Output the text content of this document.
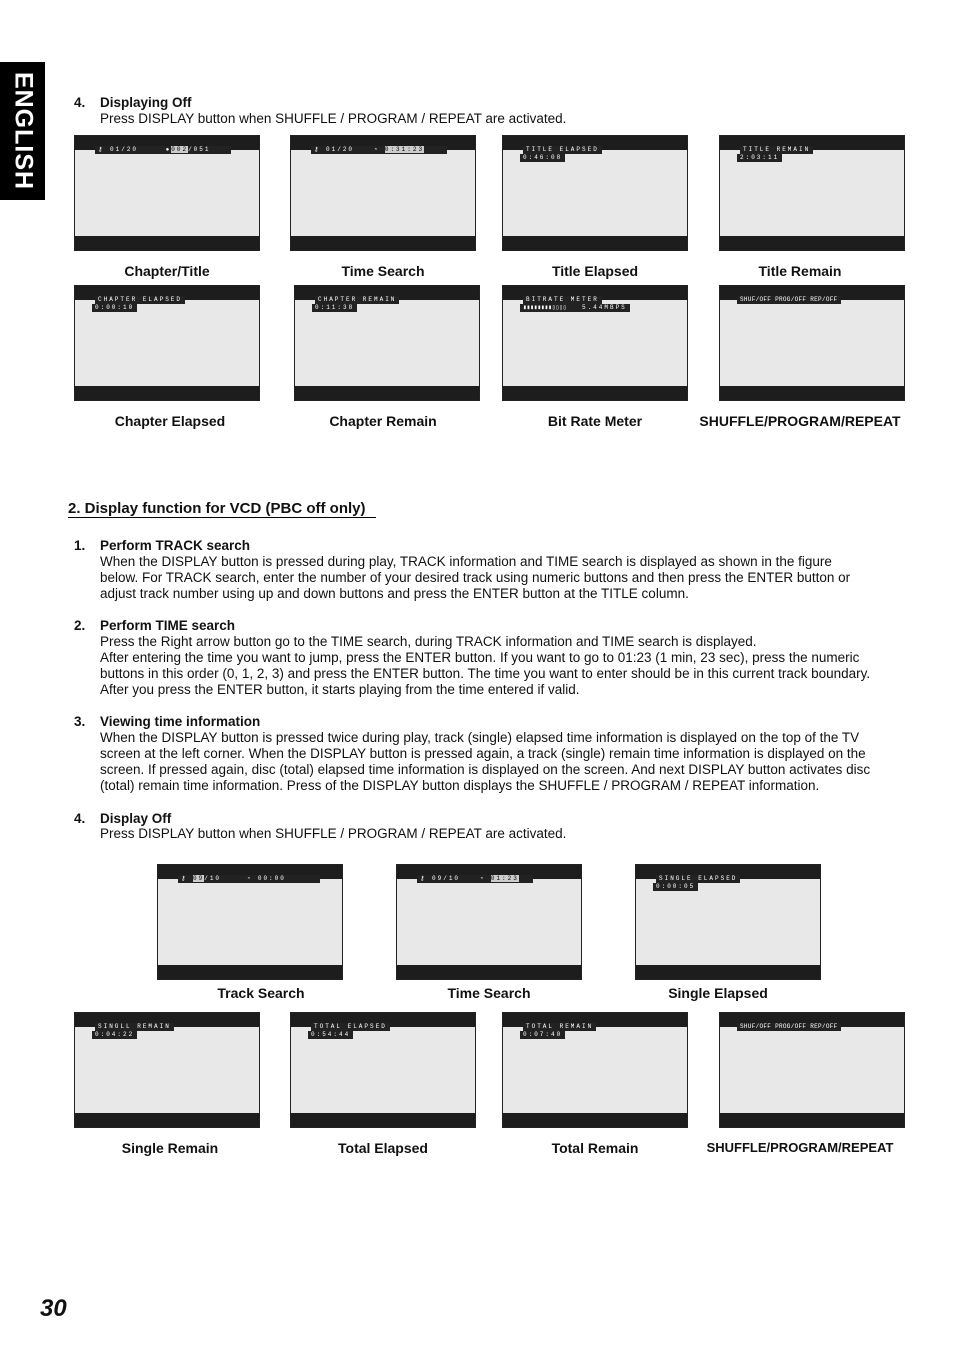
ENGLISH	4. Displaying Off
Press DISPLAY button when SHUFFLE / PROGRAM / REPEAT are activated.
⚷ 01/20	●002/051
Chapter/Title
⚷ 01/20	◔ 0:31:23
Time Search
TITLE ELAPSED
0:46:08
Title Elapsed
TITLE REMAIN
2:03:11
Title Remain
CHAPTER ELAPSED
0:00:10
Chapter Elapsed
CHAPTER REMAIN
0:11:38
Chapter Remain
BITRATE METER
▮▮▮▮▮▮▮▮▯▯▯▯	5.44MBPS
Bit Rate Meter
SHUF/OFF PROG/OFF REP/OFF
SHUFFLE/PROGRAM/REPEAT
2. Display function for VCD (PBC off only)
1. Perform TRACK search
When the DISPLAY button is pressed during play, TRACK information and TIME search is displayed as shown in the figure
below. For TRACK search, enter the number of your desired track using numeric buttons and then press the ENTER button or
adjust track number using up and down buttons and press the ENTER button at the TITLE column.
2. Perform TIME search
Press the Right arrow button go to the TIME search, during TRACK information and TIME search is displayed.
After entering the time you want to jump, press the ENTER button. If you want to go to 01:23 (1 min, 23 sec), press the numeric
buttons in this order (0, 1, 2, 3) and press the ENTER button. The time you want to enter should be in this current track boundary.
After you press the ENTER button, it starts playing from the time entered if valid.
3. Viewing time information
When the DISPLAY button is pressed twice during play, track (single) elapsed time information is displayed on the top of the TV
screen at the left corner. When the DISPLAY button is pressed again, a track (single) remain time information is displayed on the
screen. If pressed again, disc (total) elapsed time information is displayed on the screen. And next DISPLAY button activates disc
(total) remain time information. Press of the DISPLAY button displays the SHUFFLE / PROGRAM / REPEAT information.
4. Display Off
Press DISPLAY button when SHUFFLE / PROGRAM / REPEAT are activated.
⚷ 09/10	◔ 00:00
Track Search
⚷ 09/10	◔ 01:23
Time Search
SINGLE ELAPSED
0:00:05
Single Elapsed
SINGLL REMAIN
0:04:22
Single Remain
TOTAL ELAPSED
0:54:44
Total Elapsed
TOTAL REMAIN
0:07:40
Total Remain
SHUF/OFF PROG/OFF REP/OFF
SHUFFLE/PROGRAM/REPEAT
30
